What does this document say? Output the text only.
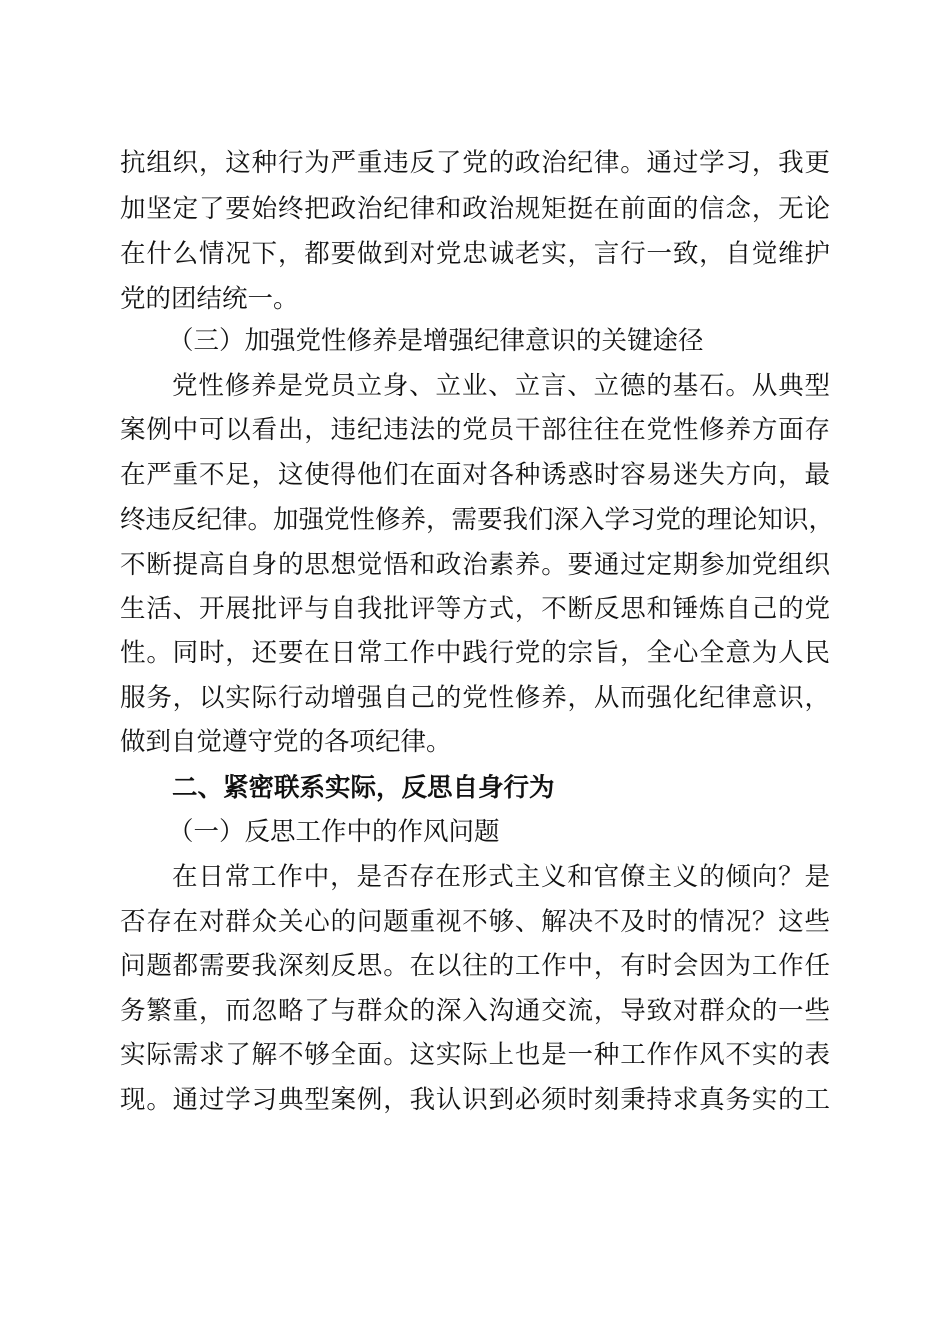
抗组织，这种行为严重违反了党的政治纪律。通过学习，我更
加坚定了要始终把政治纪律和政治规矩挺在前面的信念，无论
在什么情况下，都要做到对党忠诚老实，言行一致，自觉维护
党的团结统一。
（三）加强党性修养是增强纪律意识的关键途径
党性修养是党员立身、立业、立言、立德的基石。从典型
案例中可以看出，违纪违法的党员干部往往在党性修养方面存
在严重不足，这使得他们在面对各种诱惑时容易迷失方向，最
终违反纪律。加强党性修养，需要我们深入学习党的理论知识，
不断提高自身的思想觉悟和政治素养。要通过定期参加党组织
生活、开展批评与自我批评等方式，不断反思和锤炼自己的党
性。同时，还要在日常工作中践行党的宗旨，全心全意为人民
服务，以实际行动增强自己的党性修养，从而强化纪律意识，
做到自觉遵守党的各项纪律。
二、紧密联系实际，反思自身行为
（一）反思工作中的作风问题
在日常工作中，是否存在形式主义和官僚主义的倾向？是
否存在对群众关心的问题重视不够、解决不及时的情况？这些
问题都需要我深刻反思。在以往的工作中，有时会因为工作任
务繁重，而忽略了与群众的深入沟通交流，导致对群众的一些
实际需求了解不够全面。这实际上也是一种工作作风不实的表
现。通过学习典型案例，我认识到必须时刻秉持求真务实的工
